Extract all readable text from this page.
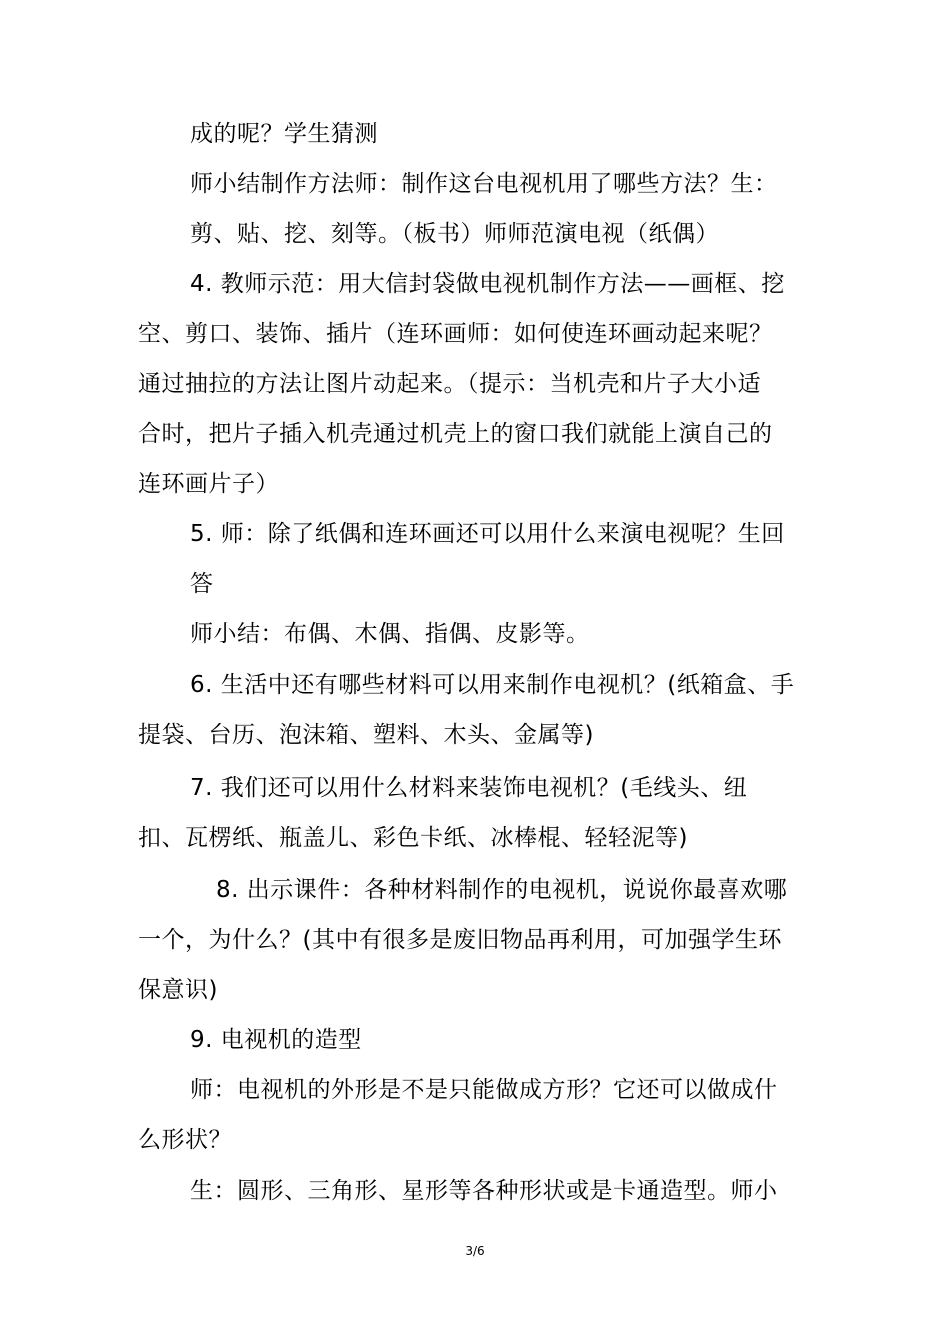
成的呢？学生猜测
师小结制作方法师：制作这台电视机用了哪些方法？生：
剪、贴、挖、刻等。（板书）师师范演电视（纸偶）
4. 教师示范：用大信封袋做电视机制作方法——画框、挖
空、剪口、装饰、插片（连环画师：如何使连环画动起来呢？
通过抽拉的方法让图片动起来。（提示：当机壳和片子大小适
合时，把片子插入机壳通过机壳上的窗口我们就能上演自己的
连环画片子）
5. 师：除了纸偶和连环画还可以用什么来演电视呢？生回
答
师小结：布偶、木偶、指偶、皮影等。
6. 生活中还有哪些材料可以用来制作电视机？(纸箱盒、手
提袋、台历、泡沫箱、塑料、木头、金属等)
7. 我们还可以用什么材料来装饰电视机？(毛线头、纽
扣、瓦楞纸、瓶盖儿、彩色卡纸、冰棒棍、轻轻泥等)
8. 出示课件：各种材料制作的电视机，说说你最喜欢哪
一个，为什么？(其中有很多是废旧物品再利用，可加强学生环
保意识)
9. 电视机的造型
师：电视机的外形是不是只能做成方形？它还可以做成什
么形状？
生：圆形、三角形、星形等各种形状或是卡通造型。师小
3/6
